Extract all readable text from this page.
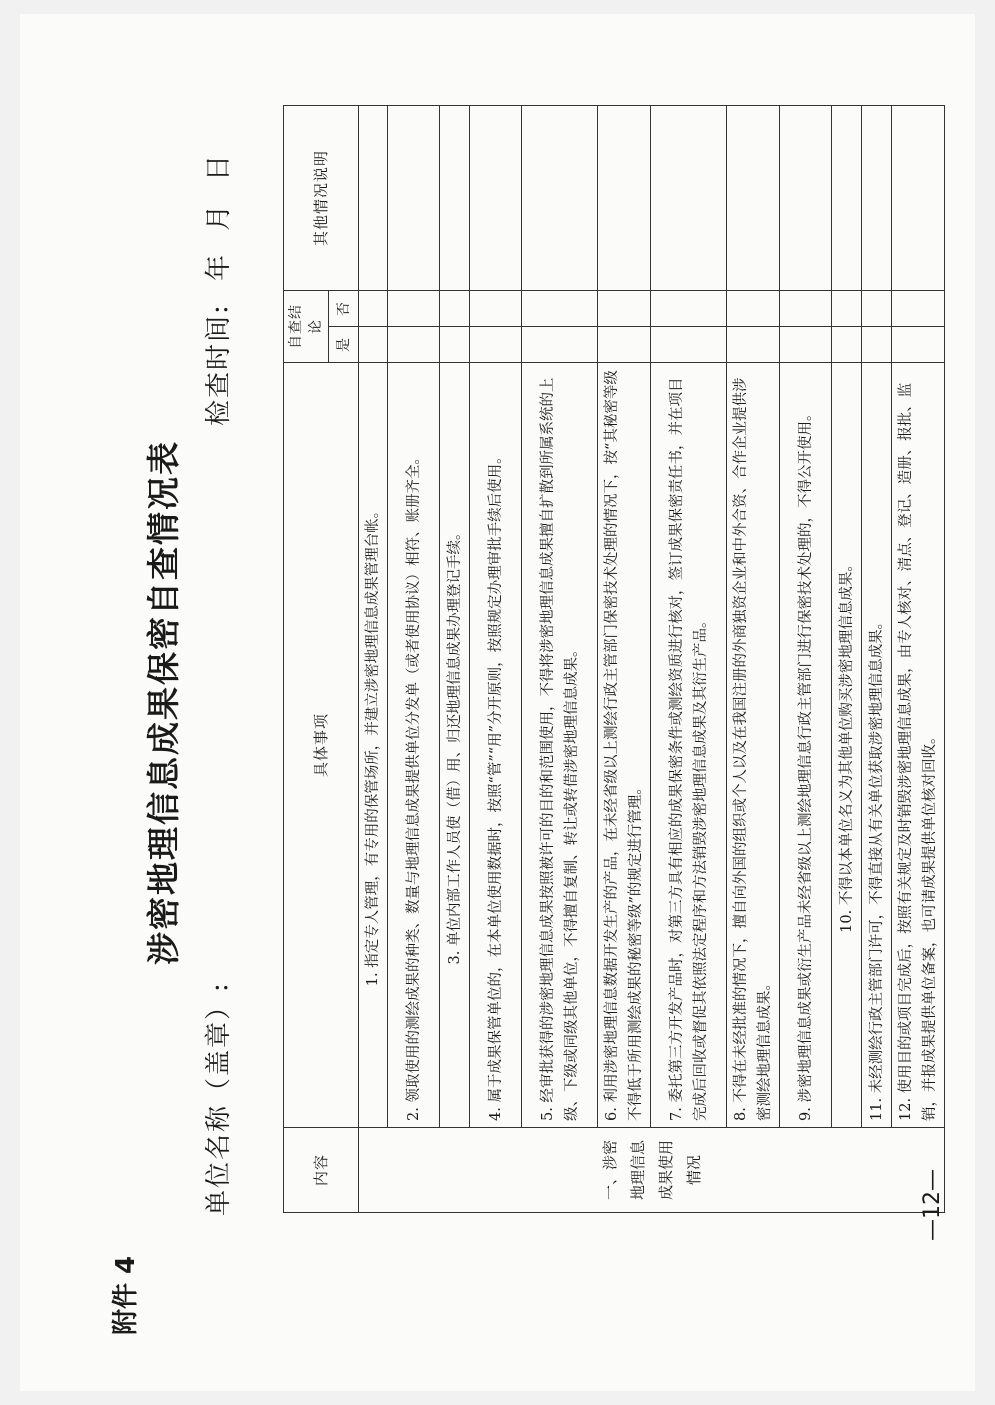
附件 4
涉密地理信息成果保密自查情况表
单位名称（盖章）:
检查时间:
年
月
日
内容	具体事项	自查结论		其他情况说明
		是	否	
一、涉密地理信息成果使用情况	1. 指定专人管理，有专用的保管场所，并建立涉密地理信息成果管理台帐。			
	2. 领取使用的测绘成果的种类、数量与地理信息成果提供单位分发单（或者使用协议）相符、账册齐全。			
	3. 单位内部工作人员使（借）用、归还地理信息成果办理登记手续。			
	4. 属于成果保管单位的，在本单位使用数据时，按照“管”“用”分开原则，按照规定办理审批手续后使用。			
	5. 经审批获得的涉密地理信息成果按照被许可的目的和范围使用，不得将涉密地理信息成果擅自扩散到所属系统的上级、下级或同级其他单位，不得擅自复制、转让或转借涉密地理信息成果。			
	6. 利用涉密地理信息数据开发生产的产品，在未经省级以上测绘行政主管部门保密技术处理的情况下，按“其秘密等级不得低于所用测绘成果的秘密等级”的规定进行管理。			
	7. 委托第三方开发产品时，对第三方具有相应的成果保密条件或测绘资质进行核对，签订成果保密责任书，并在项目完成后回收或督促其依照法定程序和方法销毁涉密地理信息成果及其衍生产品。			
	8. 不得在未经批准的情况下，擅自向外国的组织或个人以及在我国注册的外商独资企业和中外合资、合作企业提供涉密测绘地理信息成果。			
	9. 涉密地理信息成果或衍生产品未经省级以上测绘地理信息行政主管部门进行保密技术处理的，不得公开使用。			
	10. 不得以本单位名义为其他单位购买涉密地理信息成果。			
	11. 未经测绘行政主管部门许可，不得直接从有关单位获取涉密地理信息成果。			
	12. 使用目的或项目完成后，按照有关规定及时销毁涉密地理信息成果，由专人核对、清点、登记、造册、报批、监销，并报成果提供单位备案，也可请成果提供单位核对回收。			
—12—
